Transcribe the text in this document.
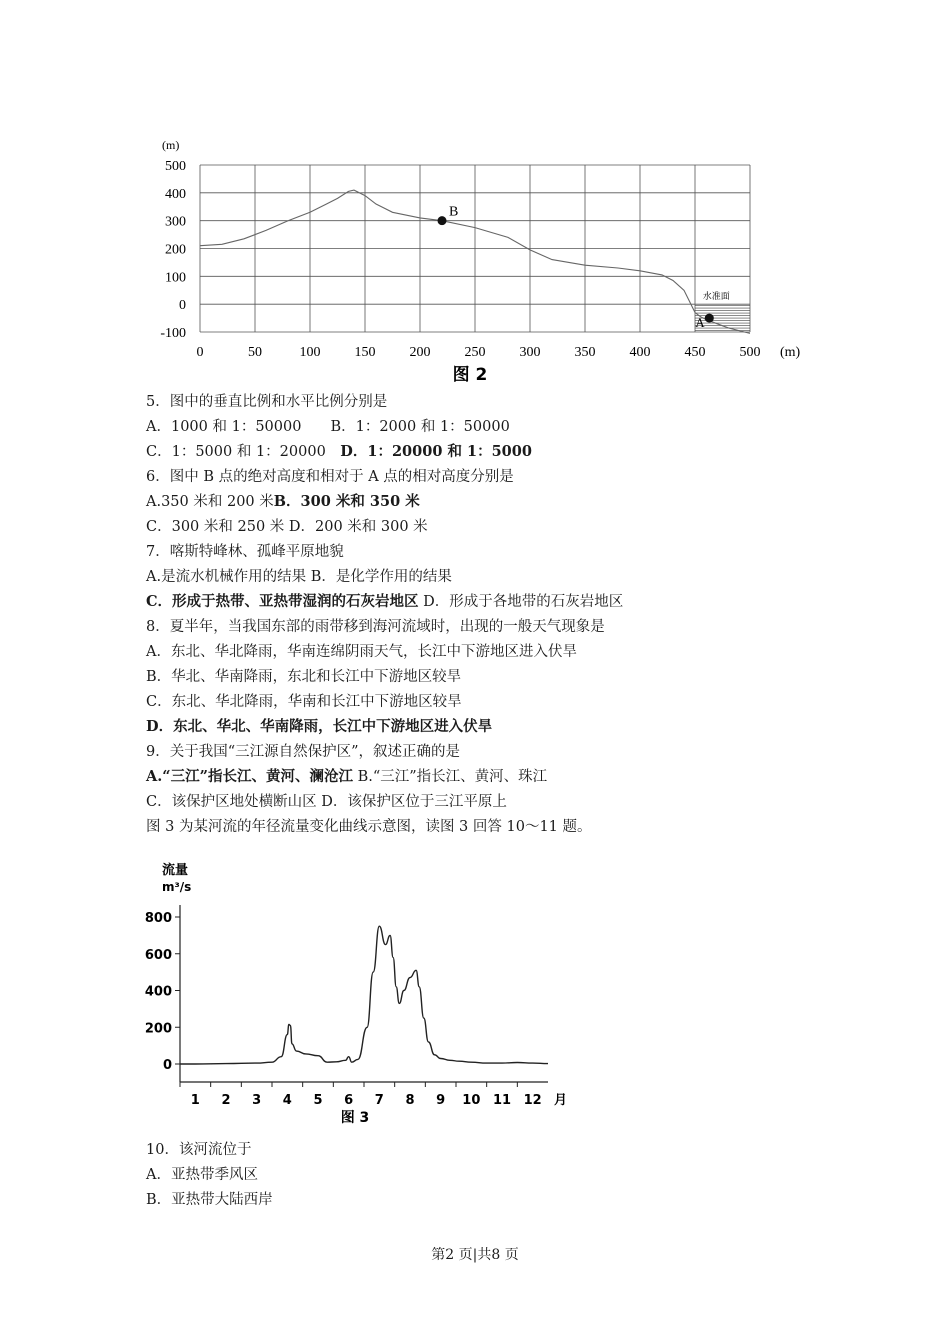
500
400
300
200
100
0
-100
0	50	100 150 200 250 300 350 400 450 500
(m)
(m)
B
A
水准面
图 2
5．图中的垂直比例和水平比例分别是
A．1000 和 1：50000　　B．1：2000 和 1：50000
C．1：5000 和 1：20000　D．1：20000 和 1：5000
6．图中 B 点的绝对高度和相对于 A 点的相对高度分别是
A.350 米和 200 米B．300 米和 350 米
C．300 米和 250 米 D．200 米和 300 米
7．喀斯特峰林、孤峰平原地貌
A.是流水机械作用的结果 B．是化学作用的结果
C．形成于热带、亚热带湿润的石灰岩地区 D．形成于各地带的石灰岩地区
8．夏半年，当我国东部的雨带移到海河流域时，出现的一般天气现象是
A．东北、华北降雨，华南连绵阴雨天气，长江中下游地区进入伏旱
B．华北、华南降雨，东北和长江中下游地区较旱
C．东北、华北降雨，华南和长江中下游地区较旱
D．东北、华北、华南降雨，长江中下游地区进入伏旱
9．关于我国“三江源自然保护区”，叙述正确的是
A.“三江”指长江、黄河、澜沧江 B.“三江”指长江、黄河、珠江
C．该保护区地处横断山区 D．该保护区位于三江平原上
图 3 为某河流的年径流量变化曲线示意图，读图 3 回答 10～11 题。
800
600
400
200
0
1 2 3 4 5 6 7 8 9 10 11 12 月
流量
m³/s
图 3
10．该河流位于
A．亚热带季风区
B．亚热带大陆西岸
第2 页|共8 页
